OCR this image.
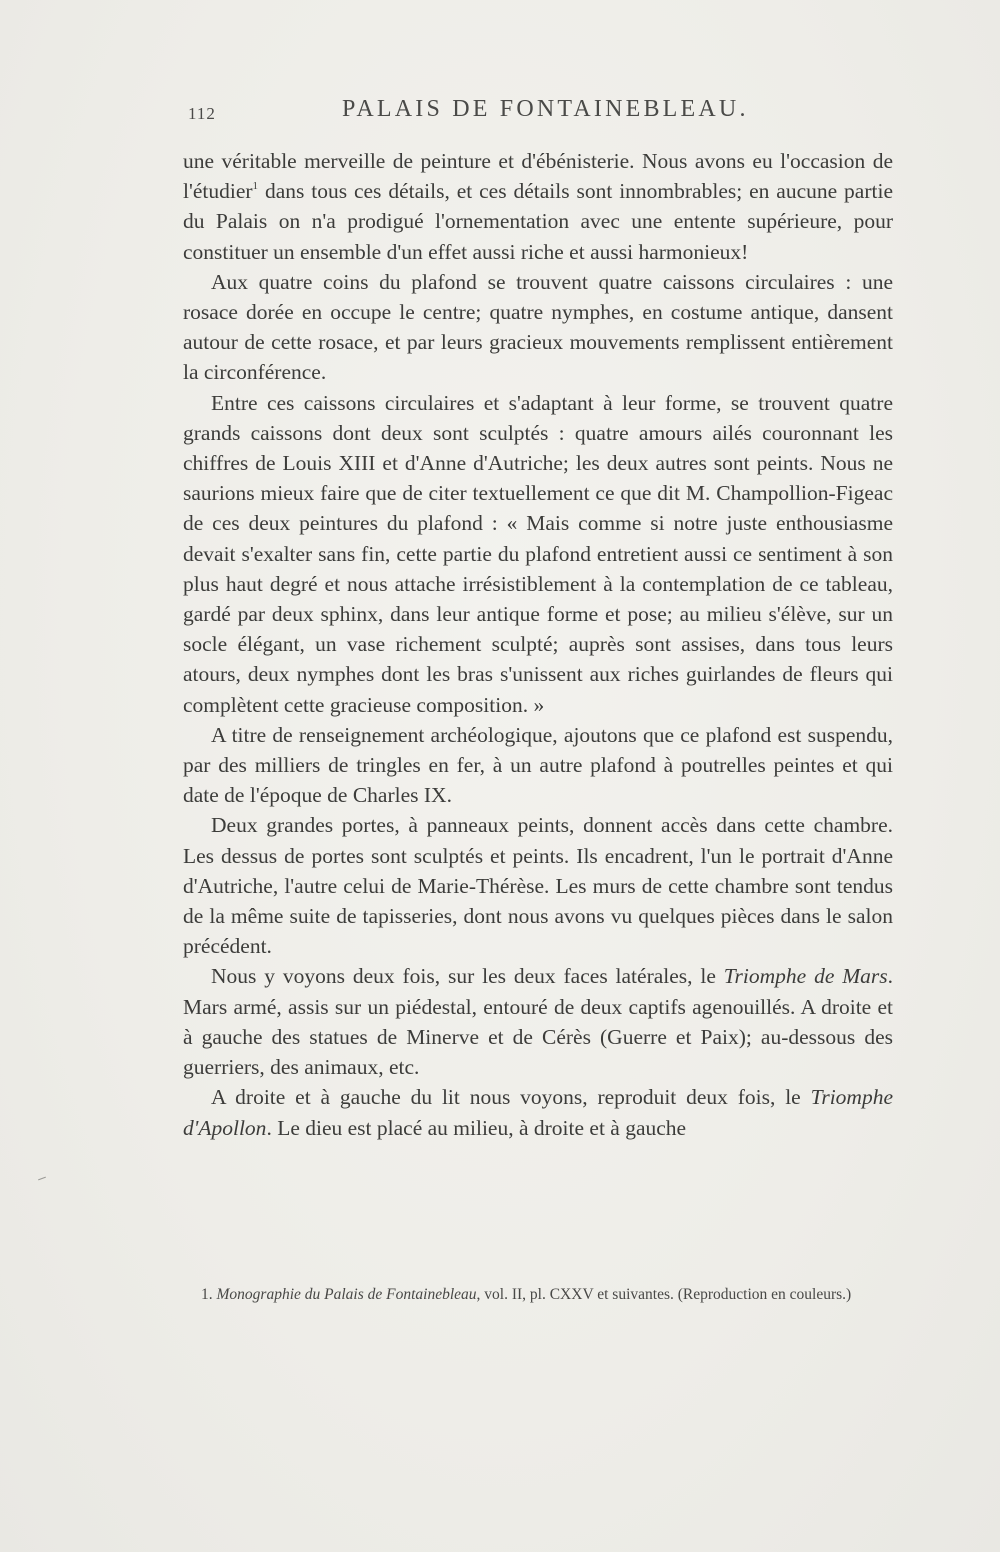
112	PALAIS DE FONTAINEBLEAU.

une véritable merveille de peinture et d'ébénisterie. Nous avons eu l'occasion de l'étudier$^1$ dans tous ces détails, et ces détails sont innombrables; en aucune partie du Palais on n'a prodigué l'ornementation avec une entente supérieure, pour constituer un ensemble d'un effet aussi riche et aussi harmonieux!

Aux quatre coins du plafond se trouvent quatre caissons circulaires : une rosace dorée en occupe le centre; quatre nymphes, en costume antique, dansent autour de cette rosace, et par leurs gracieux mouvements remplissent entièrement la circonférence.

Entre ces caissons circulaires et s'adaptant à leur forme, se trouvent quatre grands caissons dont deux sont sculptés : quatre amours ailés couronnant les chiffres de Louis XIII et d'Anne d'Autriche; les deux autres sont peints. Nous ne saurions mieux faire que de citer textuellement ce que dit M. Champollion-Figeac de ces deux peintures du plafond : « Mais comme si notre juste enthousiasme devait s'exalter sans fin, cette partie du plafond entretient aussi ce sentiment à son plus haut degré et nous attache irrésistiblement à la contemplation de ce tableau, gardé par deux sphinx, dans leur antique forme et pose; au milieu s'élève, sur un socle élégant, un vase richement sculpté; auprès sont assises, dans tous leurs atours, deux nymphes dont les bras s'unissent aux riches guirlandes de fleurs qui complètent cette gracieuse composition. »

A titre de renseignement archéologique, ajoutons que ce plafond est suspendu, par des milliers de tringles en fer, à un autre plafond à poutrelles peintes et qui date de l'époque de Charles IX.

Deux grandes portes, à panneaux peints, donnent accès dans cette chambre. Les dessus de portes sont sculptés et peints. Ils encadrent, l'un le portrait d'Anne d'Autriche, l'autre celui de Marie-Thérèse. Les murs de cette chambre sont tendus de la même suite de tapisseries, dont nous avons vu quelques pièces dans le salon précédent.

Nous y voyons deux fois, sur les deux faces latérales, le Triomphe de Mars. Mars armé, assis sur un piédestal, entouré de deux captifs agenouillés. A droite et à gauche des statues de Minerve et de Cérès (Guerre et Paix); au-dessous des guerriers, des animaux, etc.

A droite et à gauche du lit nous voyons, reproduit deux fois, le Triomphe d'Apollon. Le dieu est placé au milieu, à droite et à gauche

1. Monographie du Palais de Fontainebleau, vol. II, pl. CXXV et suivantes. (Reproduction en couleurs.)
